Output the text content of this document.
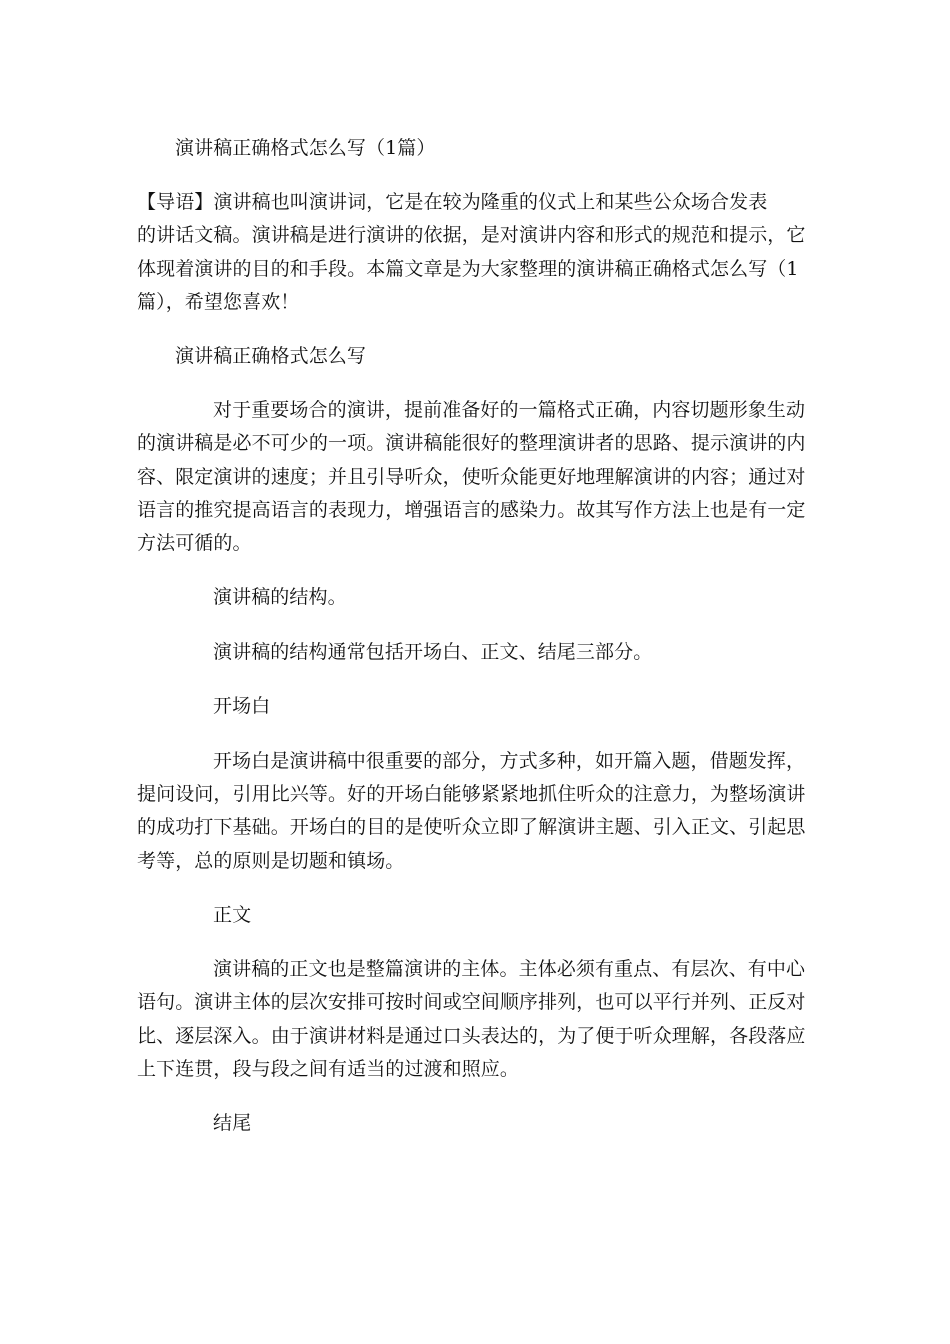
演讲稿正确格式怎么写（1篇）
【导语】演讲稿也叫演讲词，它是在较为隆重的仪式上和某些公众场合发表
的讲话文稿。演讲稿是进行演讲的依据，是对演讲内容和形式的规范和提示，它
体现着演讲的目的和手段。本篇文章是为大家整理的演讲稿正确格式怎么写（1
篇），希望您喜欢！
演讲稿正确格式怎么写
对于重要场合的演讲，提前准备好的一篇格式正确，内容切题形象生动
的演讲稿是必不可少的一项。演讲稿能很好的整理演讲者的思路、提示演讲的内
容、限定演讲的速度；并且引导听众，使听众能更好地理解演讲的内容；通过对
语言的推究提高语言的表现力，增强语言的感染力。故其写作方法上也是有一定
方法可循的。
演讲稿的结构。
演讲稿的结构通常包括开场白、正文、结尾三部分。
开场白
开场白是演讲稿中很重要的部分，方式多种，如开篇入题，借题发挥，
提问设问，引用比兴等。好的开场白能够紧紧地抓住听众的注意力，为整场演讲
的成功打下基础。开场白的目的是使听众立即了解演讲主题、引入正文、引起思
考等，总的原则是切题和镇场。
正文
演讲稿的正文也是整篇演讲的主体。主体必须有重点、有层次、有中心
语句。演讲主体的层次安排可按时间或空间顺序排列，也可以平行并列、正反对
比、逐层深入。由于演讲材料是通过口头表达的，为了便于听众理解，各段落应
上下连贯，段与段之间有适当的过渡和照应。
结尾
